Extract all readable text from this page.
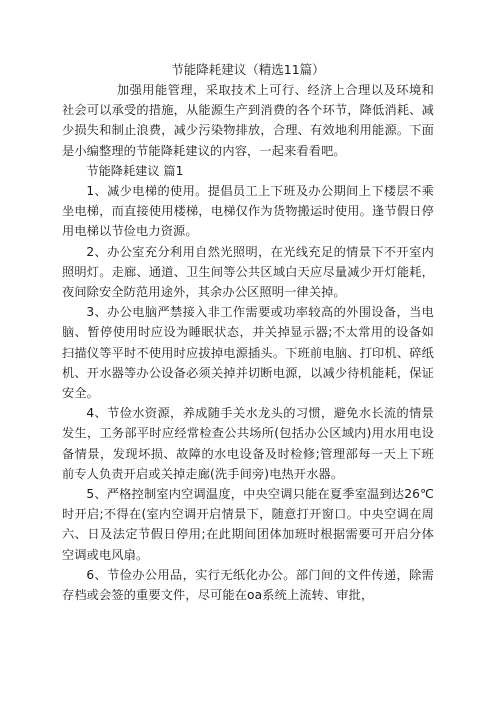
节能降耗建议（精选11篇）

加强用能管理，采取技术上可行、经济上合理以及环境和社会可以承受的措施，从能源生产到消费的各个环节，降低消耗、减少损失和制止浪费，减少污染物排放，合理、有效地利用能源。下面是小编整理的节能降耗建议的内容，一起来看看吧。

节能降耗建议 篇1

1、减少电梯的使用。提倡员工上下班及办公期间上下楼层不乘坐电梯，而直接使用楼梯，电梯仅作为货物搬运时使用。逢节假日停用电梯以节俭电力资源。

2、办公室充分利用自然光照明，在光线充足的情景下不开室内照明灯。走廊、通道、卫生间等公共区域白天应尽量减少开灯能耗，夜间除安全防范用途外，其余办公区照明一律关掉。

3、办公电脑严禁接入非工作需要或功率较高的外围设备，当电脑、暂停使用时应设为睡眠状态，并关掉显示器;不太常用的设备如扫描仪等平时不使用时应拔掉电源插头。下班前电脑、打印机、碎纸机、开水器等办公设备必须关掉并切断电源，以减少待机能耗，保证安全。

4、节俭水资源，养成随手关水龙头的习惯，避免水长流的情景发生，工务部平时应经常检查公共场所(包括办公区域内)用水用电设备情景，发现坏损、故障的水电设备及时检修;管理部每一天上下班前专人负责开启或关掉走廊(洗手间旁)电热开水器。

5、严格控制室内空调温度，中央空调只能在夏季室温到达26℃时开启;不得在(室内空调开启情景下，随意打开窗口。中央空调在周六、日及法定节假日停用;在此期间团体加班时根据需要可开启分体空调或电风扇。

6、节俭办公用品，实行无纸化办公。部门间的文件传递，除需存档或会签的重要文件，尽可能在oa系统上流转、审批，
